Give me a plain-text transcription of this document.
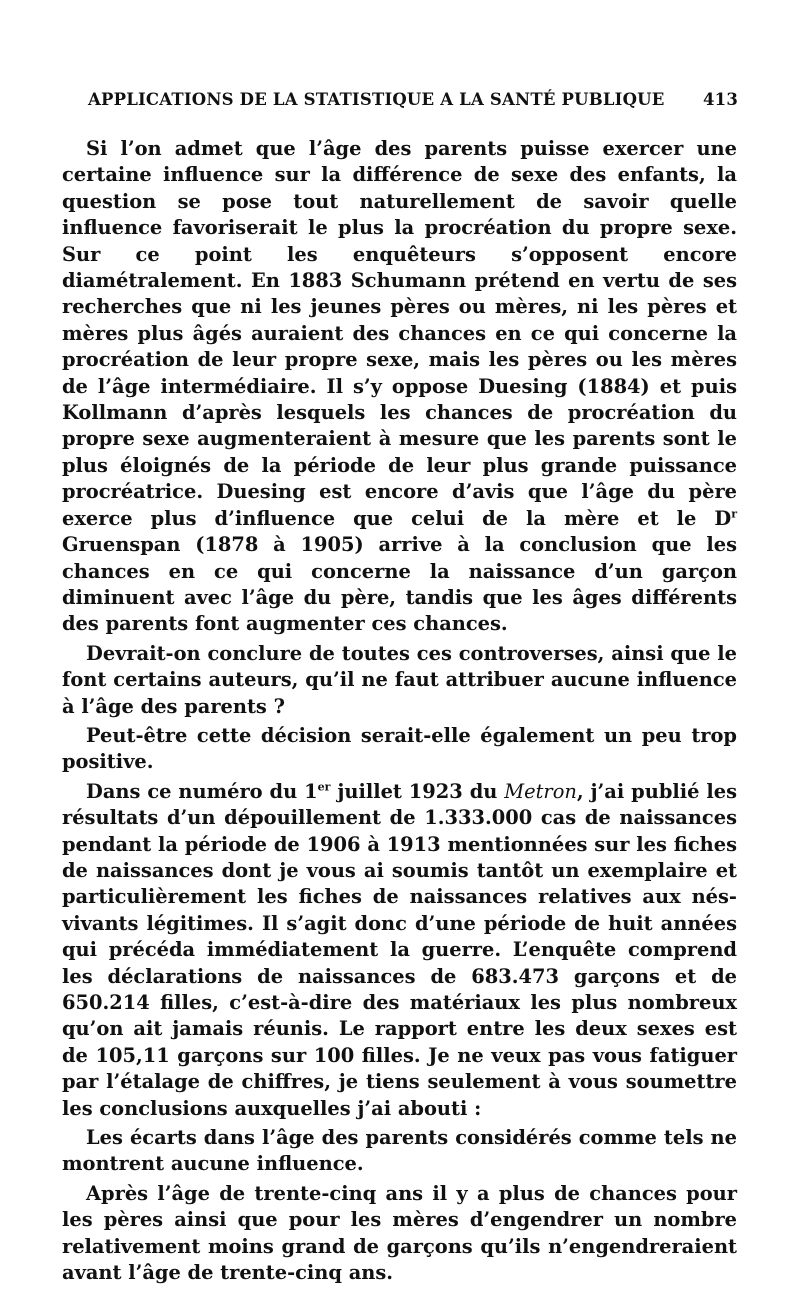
APPLICATIONS DE LA STATISTIQUE A LA SANTÉ PUBLIQUE 413

Si l’on admet que l’âge des parents puisse exercer une certaine influence sur la différence de sexe des enfants, la question se pose tout naturellement de savoir quelle influence favoriserait le plus la procréation du propre sexe. Sur ce point les enquêteurs s’opposent encore diamétralement. En 1883 Schumann prétend en vertu de ses recherches que ni les jeunes pères ou mères, ni les pères et mères plus âgés auraient des chances en ce qui concerne la procréation de leur propre sexe, mais les pères ou les mères de l’âge intermédiaire. Il s’y oppose Duesing (1884) et puis Kollmann d’après lesquels les chances de procréation du propre sexe augmenteraient à mesure que les parents sont le plus éloignés de la période de leur plus grande puissance procréatrice. Duesing est encore d’avis que l’âge du père exerce plus d’influence que celui de la mère et le $D^r$ Gruenspan (1878 à 1905) arrive à la conclusion que les chances en ce qui concerne la naissance d’un garçon diminuent avec l’âge du père, tandis que les âges différents des parents font augmenter ces chances.

Devrait-on conclure de toutes ces controverses, ainsi que le font certains auteurs, qu’il ne faut attribuer aucune influence à l’âge des parents ?

Peut-être cette décision serait-elle également un peu trop positive.

Dans ce numéro du 1er juillet 1923 du Metron, j’ai publié les résultats d’un dépouillement de 1.333.000 cas de naissances pendant la période de 1906 à 1913 mentionnées sur les fiches de naissances dont je vous ai soumis tantôt un exemplaire et particulièrement les fiches de naissances relatives aux nés-vivants légitimes. Il s’agit donc d’une période de huit années qui précéda immédiatement la guerre. L’enquête comprend les déclarations de naissances de 683.473 garçons et de 650.214 filles, c’est-à-dire des matériaux les plus nombreux qu’on ait jamais réunis. Le rapport entre les deux sexes est de 105,11 garçons sur 100 filles. Je ne veux pas vous fatiguer par l’étalage de chiffres, je tiens seulement à vous soumettre les conclusions auxquelles j’ai abouti :

Les écarts dans l’âge des parents considérés comme tels ne montrent aucune influence.

Après l’âge de trente-cinq ans il y a plus de chances pour les pères ainsi que pour les mères d’engendrer un nombre relativement moins grand de garçons qu’ils n’engendreraient avant l’âge de trente-cinq ans.
